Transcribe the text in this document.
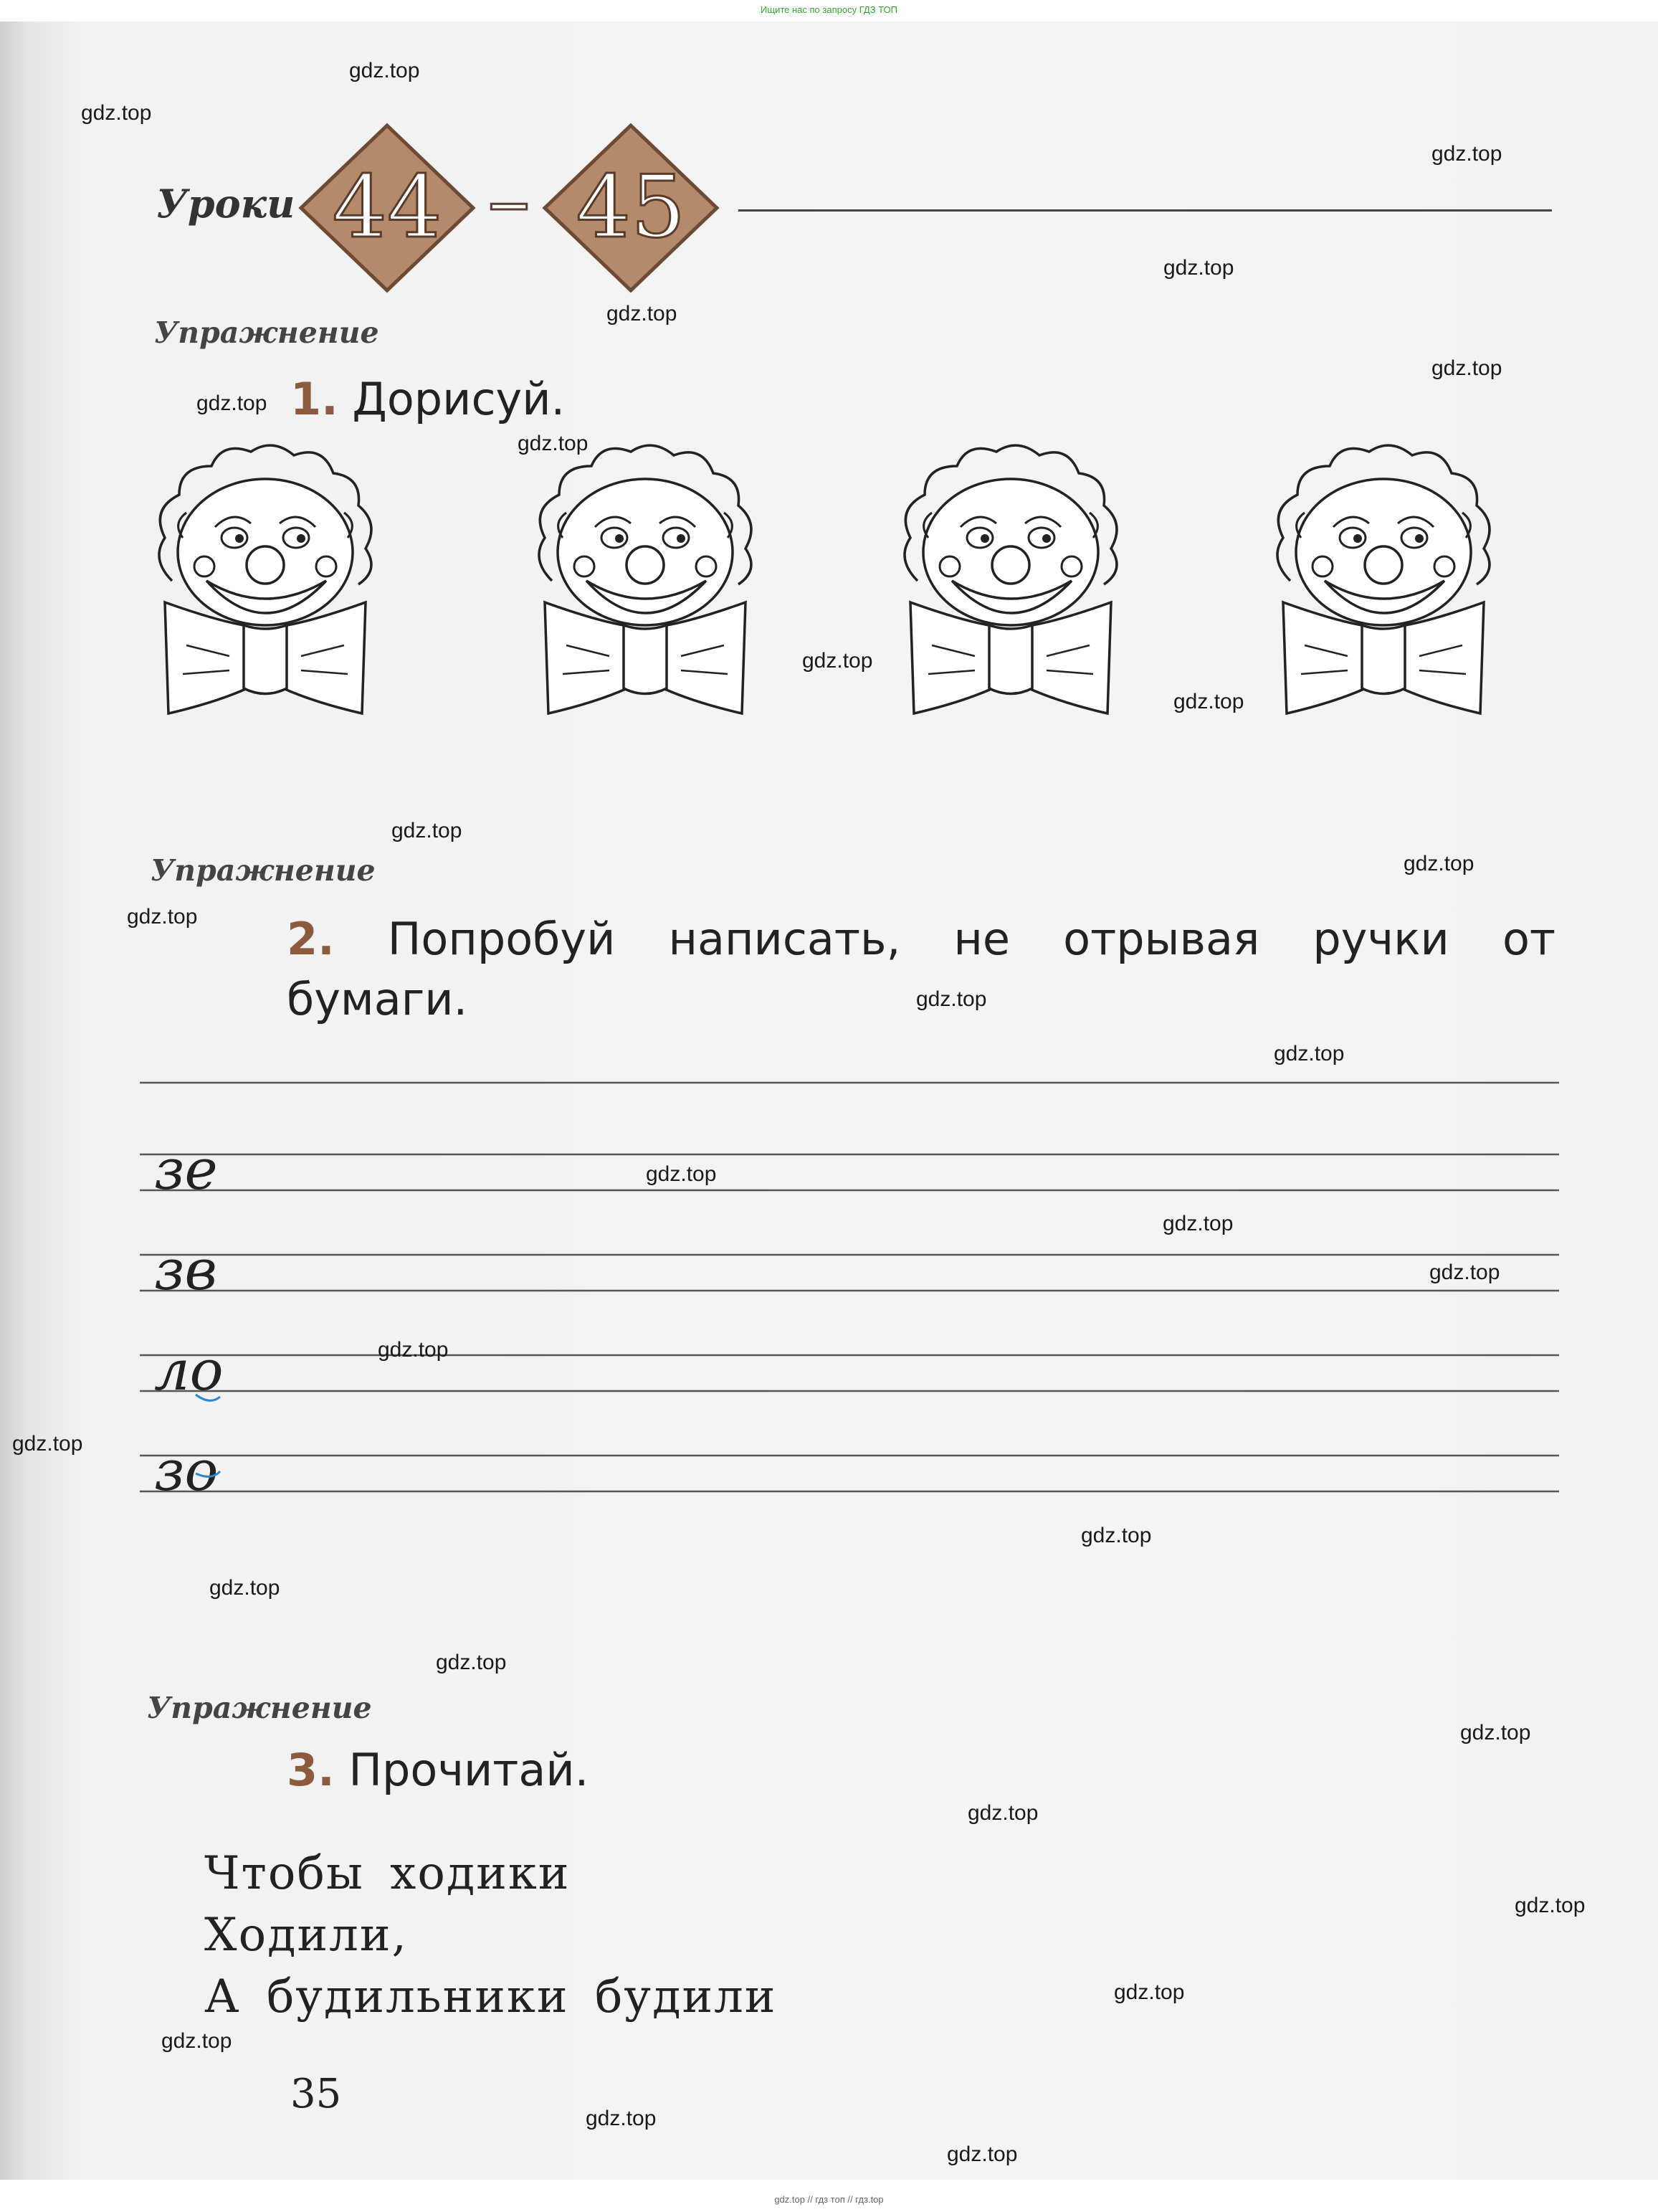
Ищите нас по запросу ГДЗ ТОП
Уроки 44 – 45
Упражнение
1. Дорисуй.
Упражнение
2. Попробуй написать, не отрывая ручки от
бумаги.
зе
зв
ло
зо
Упражнение
3. Прочитай.
Чтобы ходики
Ходили,
А будильники будили
35
gdz.top
gdz.top
gdz.top
gdz.top
gdz.top
gdz.top
gdz.top
gdz.top
gdz.top
gdz.top
gdz.top
gdz.top
gdz.top
gdz.top
gdz.top
gdz.top
gdz.top
gdz.top
gdz.top
gdz.top
gdz.top
gdz.top
gdz.top
gdz.top
gdz.top
gdz.top
gdz.top
gdz.top
gdz.top
gdz.top
gdz.top // гдз топ // гдз.top
